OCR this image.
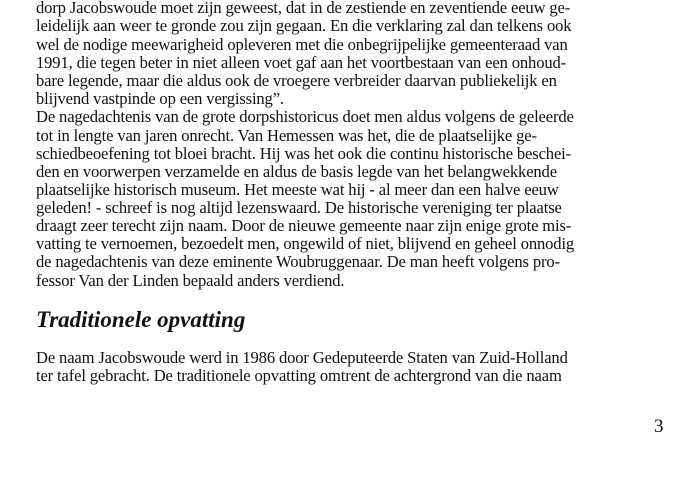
dorp Jacobswoude moet zijn geweest, dat in de zestiende en zeventiende eeuw ge-
leidelijk aan weer te gronde zou zijn gegaan. En die verklaring zal dan telkens ook
wel de nodige meewarigheid opleveren met die onbegrijpelijke gemeenteraad van
1991, die tegen beter in niet alleen voet gaf aan het voortbestaan van een onhoud-
bare legende, maar die aldus ook de vroegere verbreider daarvan publiekelijk en
blijvend vastpinde op een vergissing”.
De nagedachtenis van de grote dorpshistoricus doet men aldus volgens de geleerde
tot in lengte van jaren onrecht. Van Hemessen was het, die de plaatselijke ge-
schiedbeoefening tot bloei bracht. Hij was het ook die continu historische beschei-
den en voorwerpen verzamelde en aldus de basis legde van het belangwekkende
plaatselijke historisch museum. Het meeste wat hij - al meer dan een halve eeuw
geleden! - schreef is nog altijd lezenswaard. De historische vereniging ter plaatse
draagt zeer terecht zijn naam. Door de nieuwe gemeente naar zijn enige grote mis-
vatting te vernoemen, bezoedelt men, ongewild of niet, blijvend en geheel onnodig
de nagedachtenis van deze eminente Woubruggenaar. De man heeft volgens pro-
fessor Van der Linden bepaald anders verdiend.
Traditionele opvatting
De naam Jacobswoude werd in 1986 door Gedeputeerde Staten van Zuid-Holland
ter tafel gebracht. De traditionele opvatting omtrent de achtergrond van die naam
3
